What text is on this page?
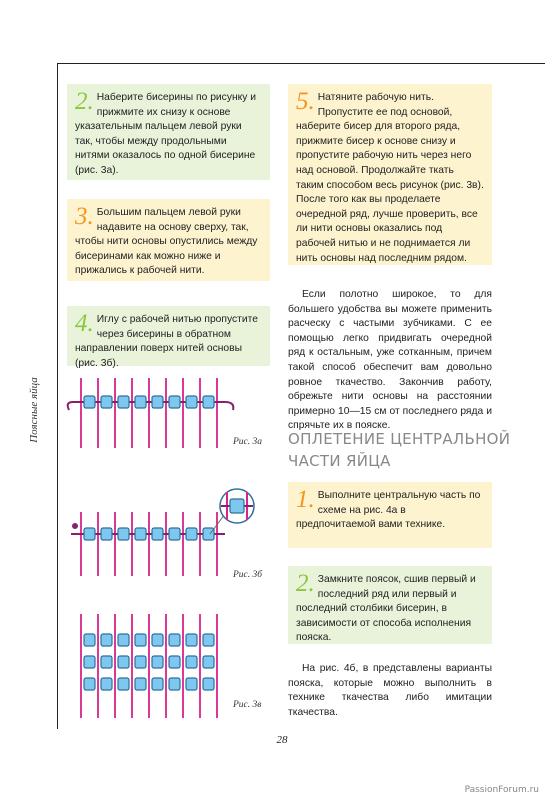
Поясные яйца
2. Наберите бисерины по рисунку и прижмите их снизу к основе указательным пальцем левой руки так, чтобы между продольными нитями оказалось по одной бисерине (рис. 3а).
3. Большим пальцем левой руки надавите на основу сверху, так, чтобы нити основы опустились между бисеринами как можно ниже и прижались к рабочей нити.
4. Иглу с рабочей нитью пропустите через бисерины в обратном направлении поверх нитей основы (рис. 3б).
5. Натяните рабочую нить. Пропустите ее под основой, наберите бисер для второго ряда, прижмите бисер к основе снизу и пропустите рабочую нить через него над основой. Продолжайте ткать таким способом весь рисунок (рис. 3в). После того как вы проделаете очередной ряд, лучше проверить, все ли нити основы оказались под рабочей нитью и не поднимается ли нить основы над последним рядом.
Если полотно широкое, то для большего удобства вы можете применить расческу с частыми зубчиками. С ее помощью легко придвигать очередной ряд к остальным, уже сотканным, причем такой способ обеспечит вам довольно ровное ткачество. Закончив работу, обрежьте нити основы на расстоянии примерно 10—15 см от последнего ряда и спрячьте их в пояске.
ОПЛЕТЕНИЕ ЦЕНТРАЛЬНОЙ ЧАСТИ ЯЙЦА
1. Выполните центральную часть по схеме на рис. 4а в предпочитаемой вами технике.
2. Замкните поясок, сшив первый и последний ряд или первый и последний столбики бисерин, в зависимости от способа исполнения пояска.
На рис. 4б, в представлены варианты пояска, которые можно выполнить в технике ткачества либо имитации ткачества.
Рис. 3а
Рис. 3б
Рис. 3в
28
PassionForum.ru
